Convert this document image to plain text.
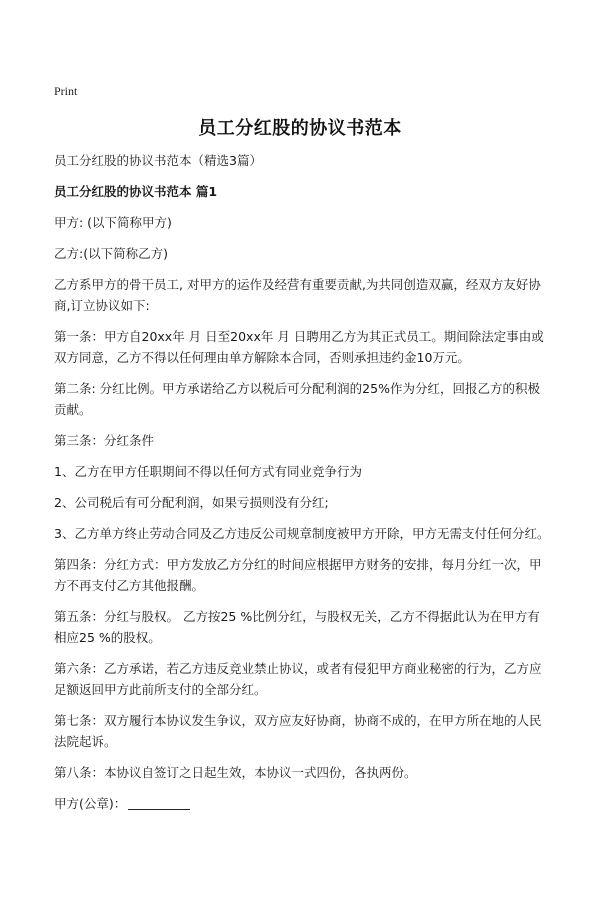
Print
员工分红股的协议书范本

员工分红股的协议书范本（精选3篇）

员工分红股的协议书范本 篇1

甲方: (以下简称甲方)

乙方:(以下简称乙方)

乙方系甲方的骨干员工, 对甲方的运作及经营有重要贡献,为共同创造双赢，经双方友好协商,订立协议如下:

第一条：甲方自20xx年 月 日至20xx年 月 日聘用乙方为其正式员工。期间除法定事由或双方同意，乙方不得以任何理由单方解除本合同，否则承担违约金10万元。

第二条: 分红比例。甲方承诺给乙方以税后可分配利润的25%作为分红，回报乙方的积极贡献。

第三条：分红条件

1、乙方在甲方任职期间不得以任何方式有同业竞争行为

2、公司税后有可分配利润，如果亏损则没有分红;

3、乙方单方终止劳动合同及乙方违反公司规章制度被甲方开除，甲方无需支付任何分红。

第四条：分红方式：甲方发放乙方分红的时间应根据甲方财务的安排，每月分红一次，甲方不再支付乙方其他报酬。

第五条：分红与股权。 乙方按25 %比例分红，与股权无关，乙方不得据此认为在甲方有相应25 %的股权。

第六条：乙方承诺，若乙方违反竞业禁止协议，或者有侵犯甲方商业秘密的行为，乙方应足额返回甲方此前所支付的全部分红。

第七条：双方履行本协议发生争议，双方应友好协商，协商不成的，在甲方所在地的人民法院起诉。

第八条：本协议自签订之日起生效，本协议一式四份，各执两份。

甲方(公章)：
